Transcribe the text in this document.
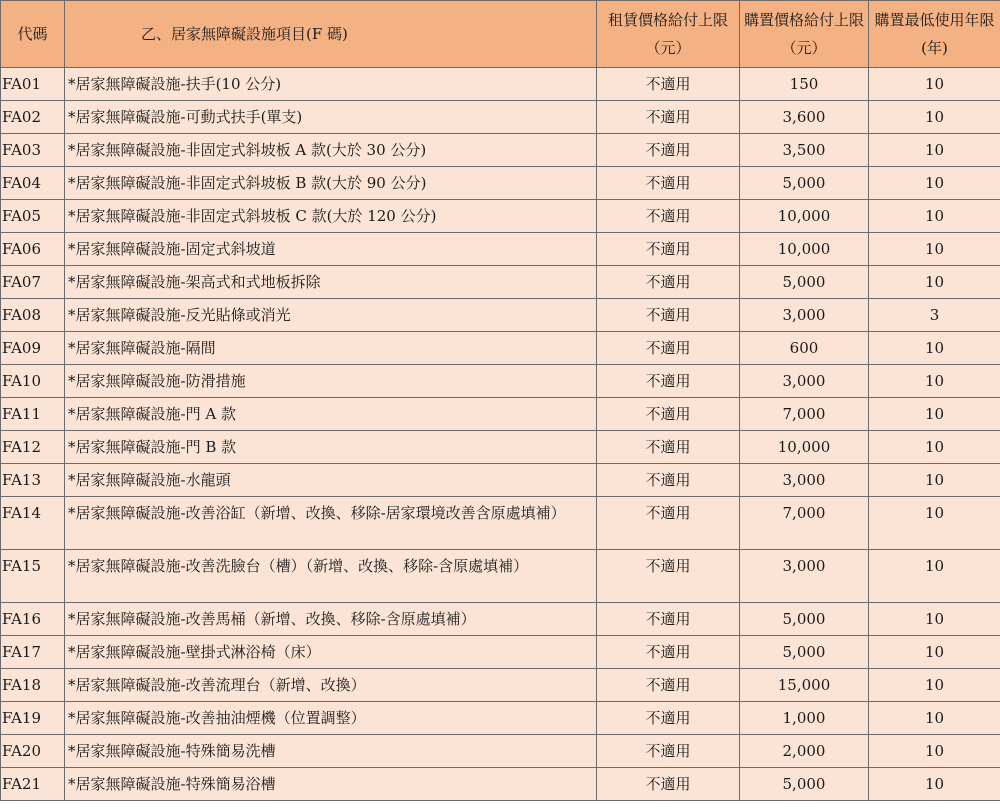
代碼	乙、居家無障礙設施項目(F 碼)	租賃價格給付上限（元）	購置價格給付上限（元）	購置最低使用年限(年)
FA01	*居家無障礙設施-扶手(10 公分)	不適用	150	10
FA02	*居家無障礙設施-可動式扶手(單支)	不適用	3,600	10
FA03	*居家無障礙設施-非固定式斜坡板 A 款(大於 30 公分)	不適用	3,500	10
FA04	*居家無障礙設施-非固定式斜坡板 B 款(大於 90 公分)	不適用	5,000	10
FA05	*居家無障礙設施-非固定式斜坡板 C 款(大於 120 公分)	不適用	10,000	10
FA06	*居家無障礙設施-固定式斜坡道	不適用	10,000	10
FA07	*居家無障礙設施-架高式和式地板拆除	不適用	5,000	10
FA08	*居家無障礙設施-反光貼條或消光	不適用	3,000	3
FA09	*居家無障礙設施-隔間	不適用	600	10
FA10	*居家無障礙設施-防滑措施	不適用	3,000	10
FA11	*居家無障礙設施-門 A 款	不適用	7,000	10
FA12	*居家無障礙設施-門 B 款	不適用	10,000	10
FA13	*居家無障礙設施-水龍頭	不適用	3,000	10
FA14	*居家無障礙設施-改善浴缸（新增、改換、移除-居家環境改善含原處填補）	不適用	7,000	10
FA15	*居家無障礙設施-改善洗臉台（槽）（新增、改換、移除-含原處填補）	不適用	3,000	10
FA16	*居家無障礙設施-改善馬桶（新增、改換、移除-含原處填補）	不適用	5,000	10
FA17	*居家無障礙設施-壁掛式淋浴椅（床）	不適用	5,000	10
FA18	*居家無障礙設施-改善流理台（新增、改換）	不適用	15,000	10
FA19	*居家無障礙設施-改善抽油煙機（位置調整）	不適用	1,000	10
FA20	*居家無障礙設施-特殊簡易洗槽	不適用	2,000	10
FA21	*居家無障礙設施-特殊簡易浴槽	不適用	5,000	10
